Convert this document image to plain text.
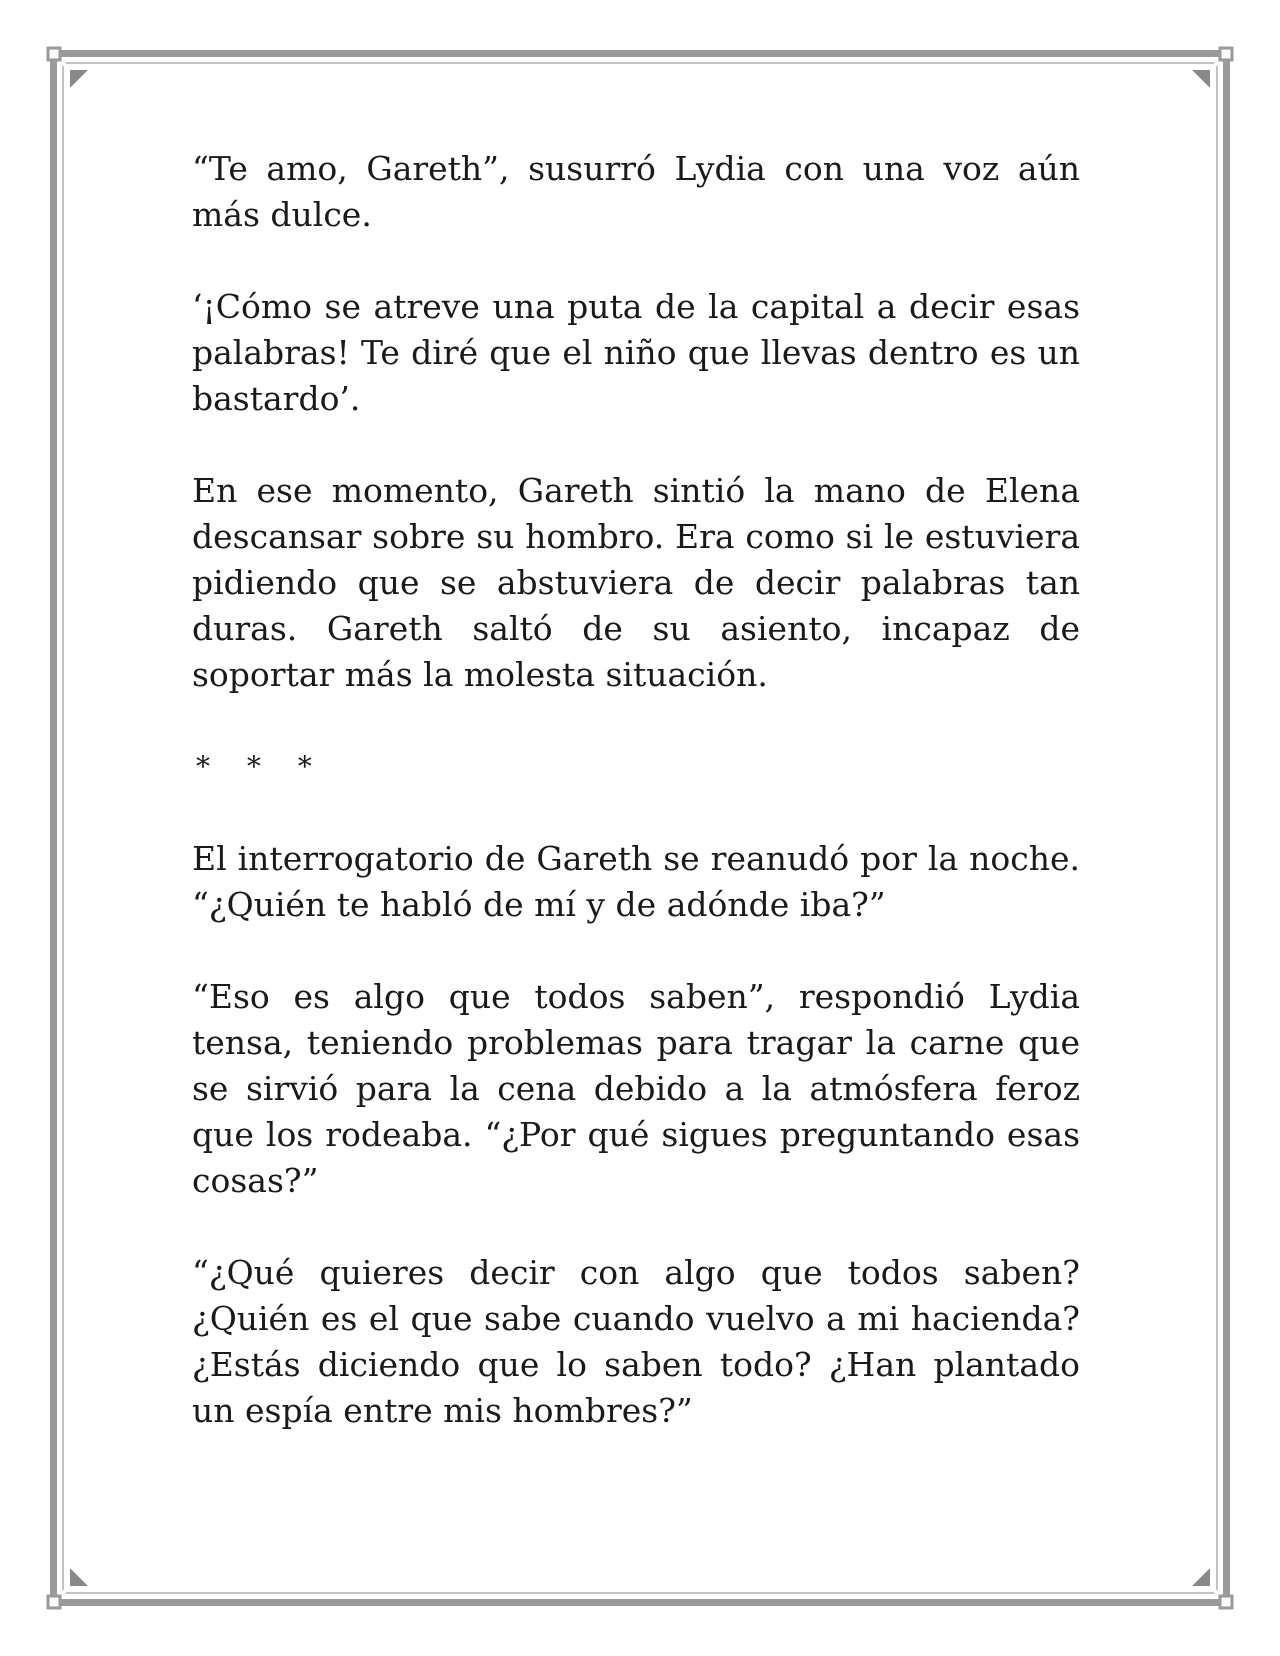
“Te amo, Gareth”, susurró Lydia con una voz aún más dulce.

‘¡Cómo se atreve una puta de la capital a decir esas palabras! Te diré que el niño que llevas dentro es un bastardo’.

En ese momento, Gareth sintió la mano de Elena descansar sobre su hombro. Era como si le estuviera pidiendo que se abstuviera de decir palabras tan duras. Gareth saltó de su asiento, incapaz de soportar más la molesta situación.

* * *

El interrogatorio de Gareth se reanudó por la noche. “¿Quién te habló de mí y de adónde iba?”

“Eso es algo que todos saben”, respondió Lydia tensa, teniendo problemas para tragar la carne que se sirvió para la cena debido a la atmósfera feroz que los rodeaba. “¿Por qué sigues preguntando esas cosas?”

“¿Qué quieres decir con algo que todos saben? ¿Quién es el que sabe cuando vuelvo a mi hacienda? ¿Estás diciendo que lo saben todo? ¿Han plantado un espía entre mis hombres?”
